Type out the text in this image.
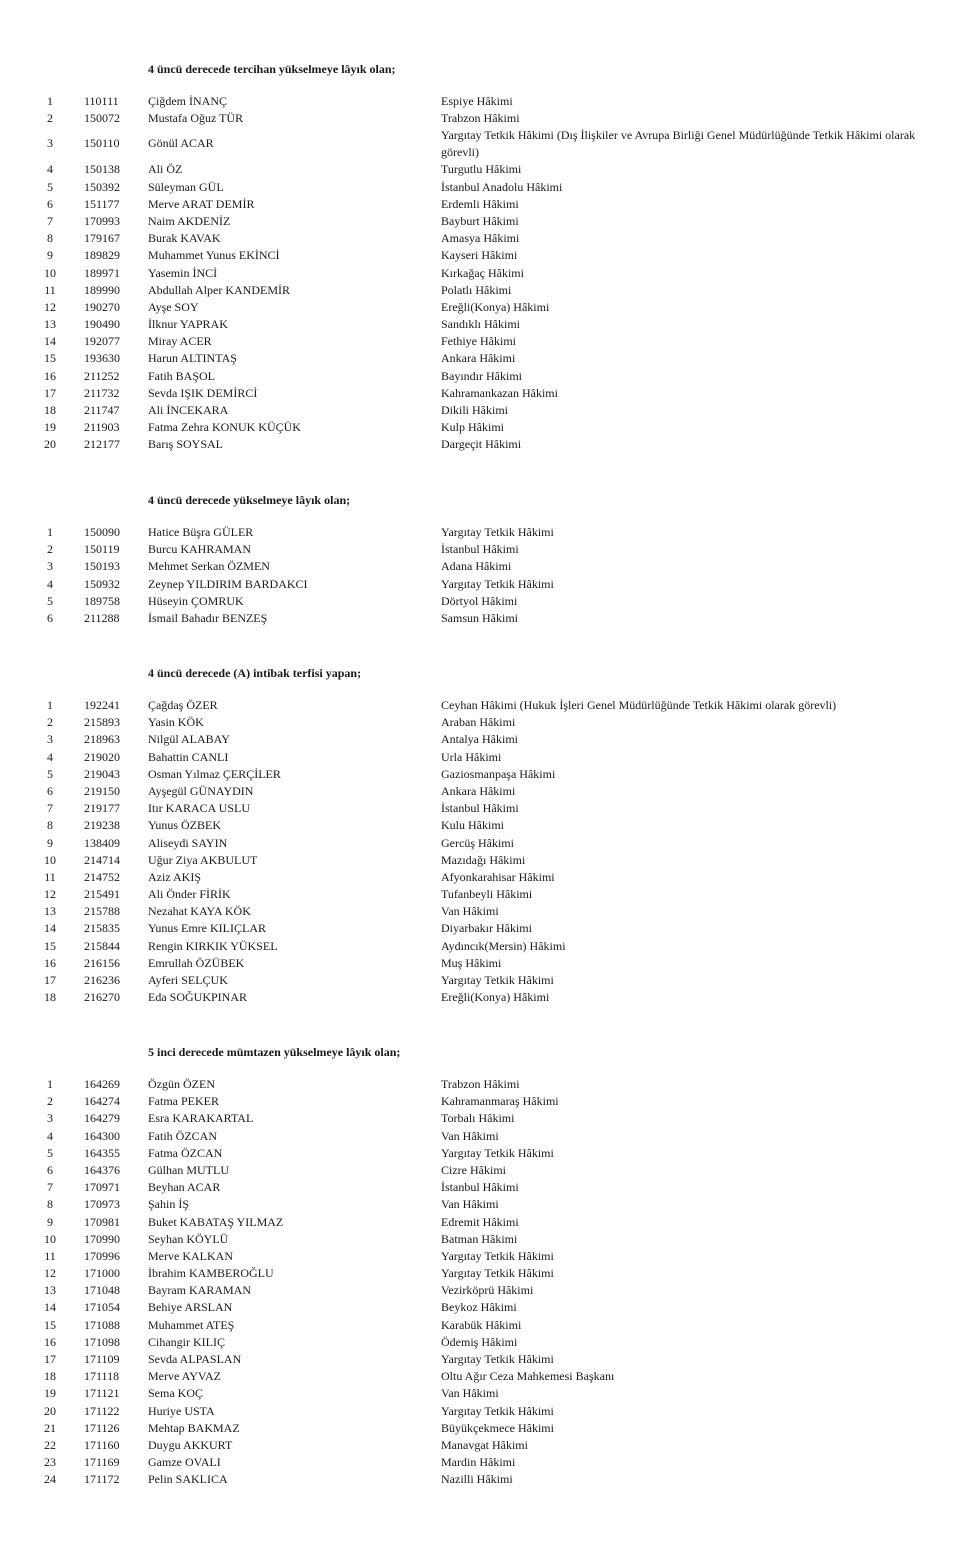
4 üncü derecede tercihan yükselmeye lâyık olan;
1	110111 Çiğdem İNANÇ	Espiye Hâkimi
2	150072 Mustafa Oğuz TÜR	Trabzon Hâkimi
3	150110 Gönül ACAR
Yargıtay Tetkik Hâkimi (Dış İlişkiler ve Avrupa Birliği Genel Müdürlüğünde Tetkik Hâkimi olarak görevli)
4	150138 Ali ÖZ	Turgutlu Hâkimi
5	150392 Süleyman GÜL	İstanbul Anadolu Hâkimi
6	151177 Merve ARAT DEMİR	Erdemli Hâkimi
7	170993 Naim AKDENİZ	Bayburt Hâkimi
8	179167 Burak KAVAK	Amasya Hâkimi
9	189829 Muhammet Yunus EKİNCİ	Kayseri Hâkimi
10	189971 Yasemin İNCİ	Kırkağaç Hâkimi
11	189990 Abdullah Alper KANDEMİR	Polatlı Hâkimi
12	190270 Ayşe SOY	Ereğli(Konya) Hâkimi
13	190490 İlknur YAPRAK	Sandıklı Hâkimi
14	192077 Miray ACER	Fethiye Hâkimi
15	193630 Harun ALTINTAŞ	Ankara Hâkimi
16	211252 Fatih BAŞOL	Bayındır Hâkimi
17	211732 Sevda IŞIK DEMİRCİ	Kahramankazan Hâkimi
18	211747 Ali İNCEKARA	Dikili Hâkimi
19	211903 Fatma Zehra KONUK KÜÇÜK	Kulp Hâkimi
20	212177 Barış SOYSAL	Dargeçit Hâkimi
4 üncü derecede yükselmeye lâyık olan;
1	150090 Hatice Büşra GÜLER	Yargıtay Tetkik Hâkimi
2	150119 Burcu KAHRAMAN	İstanbul Hâkimi
3	150193 Mehmet Serkan ÖZMEN	Adana Hâkimi
4	150932 Zeynep YILDIRIM BARDAKCI	Yargıtay Tetkik Hâkimi
5	189758 Hüseyin ÇOMRUK	Dörtyol Hâkimi
6	211288 İsmail Bahadır BENZEŞ	Samsun Hâkimi
4 üncü derecede (A) intibak terfisi yapan;
1	192241 Çağdaş ÖZER	Ceyhan Hâkimi (Hukuk İşleri Genel Müdürlüğünde Tetkik Hâkimi olarak görevli)
2	215893 Yasin KÖK	Araban Hâkimi
3	218963 Nilgül ALABAY	Antalya Hâkimi
4	219020 Bahattin CANLI	Urla Hâkimi
5	219043 Osman Yılmaz ÇERÇİLER	Gaziosmanpaşa Hâkimi
6	219150 Ayşegül GÜNAYDIN	Ankara Hâkimi
7	219177 Itır KARACA USLU	İstanbul Hâkimi
8	219238 Yunus ÖZBEK	Kulu Hâkimi
9	138409 Aliseydi SAYIN	Gercüş Hâkimi
10	214714 Uğur Ziya AKBULUT	Mazıdağı Hâkimi
11	214752 Aziz AKIŞ	Afyonkarahisar Hâkimi
12	215491 Ali Önder FİRİK	Tufanbeyli Hâkimi
13	215788 Nezahat KAYA KÖK	Van Hâkimi
14	215835 Yunus Emre KILIÇLAR	Diyarbakır Hâkimi
15	215844 Rengin KIRKIK YÜKSEL	Aydıncık(Mersin) Hâkimi
16	216156 Emrullah ÖZÜBEK	Muş Hâkimi
17	216236 Ayferi SELÇUK	Yargıtay Tetkik Hâkimi
18	216270 Eda SOĞUKPINAR	Ereğli(Konya) Hâkimi
5 inci derecede mümtazen yükselmeye lâyık olan;
1	164269 Özgün ÖZEN	Trabzon Hâkimi
2	164274 Fatma PEKER	Kahramanmaraş Hâkimi
3	164279 Esra KARAKARTAL	Torbalı Hâkimi
4	164300 Fatih ÖZCAN	Van Hâkimi
5	164355 Fatma ÖZCAN	Yargıtay Tetkik Hâkimi
6	164376 Gülhan MUTLU	Cizre Hâkimi
7	170971 Beyhan ACAR	İstanbul Hâkimi
8	170973 Şahin İŞ	Van Hâkimi
9	170981 Buket KABATAŞ YILMAZ	Edremit Hâkimi
10	170990 Seyhan KÖYLÜ	Batman Hâkimi
11	170996 Merve KALKAN	Yargıtay Tetkik Hâkimi
12	171000 İbrahim KAMBEROĞLU	Yargıtay Tetkik Hâkimi
13	171048 Bayram KARAMAN	Vezirköprü Hâkimi
14	171054 Behiye ARSLAN	Beykoz Hâkimi
15	171088 Muhammet ATEŞ	Karabük Hâkimi
16	171098 Cihangir KILIÇ	Ödemiş Hâkimi
17	171109 Sevda ALPASLAN	Yargıtay Tetkik Hâkimi
18	171118 Merve AYVAZ	Oltu Ağır Ceza Mahkemesi Başkanı
19	171121 Sema KOÇ	Van Hâkimi
20	171122 Huriye USTA	Yargıtay Tetkik Hâkimi
21	171126 Mehtap BAKMAZ	Büyükçekmece Hâkimi
22	171160 Duygu AKKURT	Manavgat Hâkimi
23	171169 Gamze OVALI	Mardin Hâkimi
24	171172 Pelin SAKLICA	Nazilli Hâkimi
